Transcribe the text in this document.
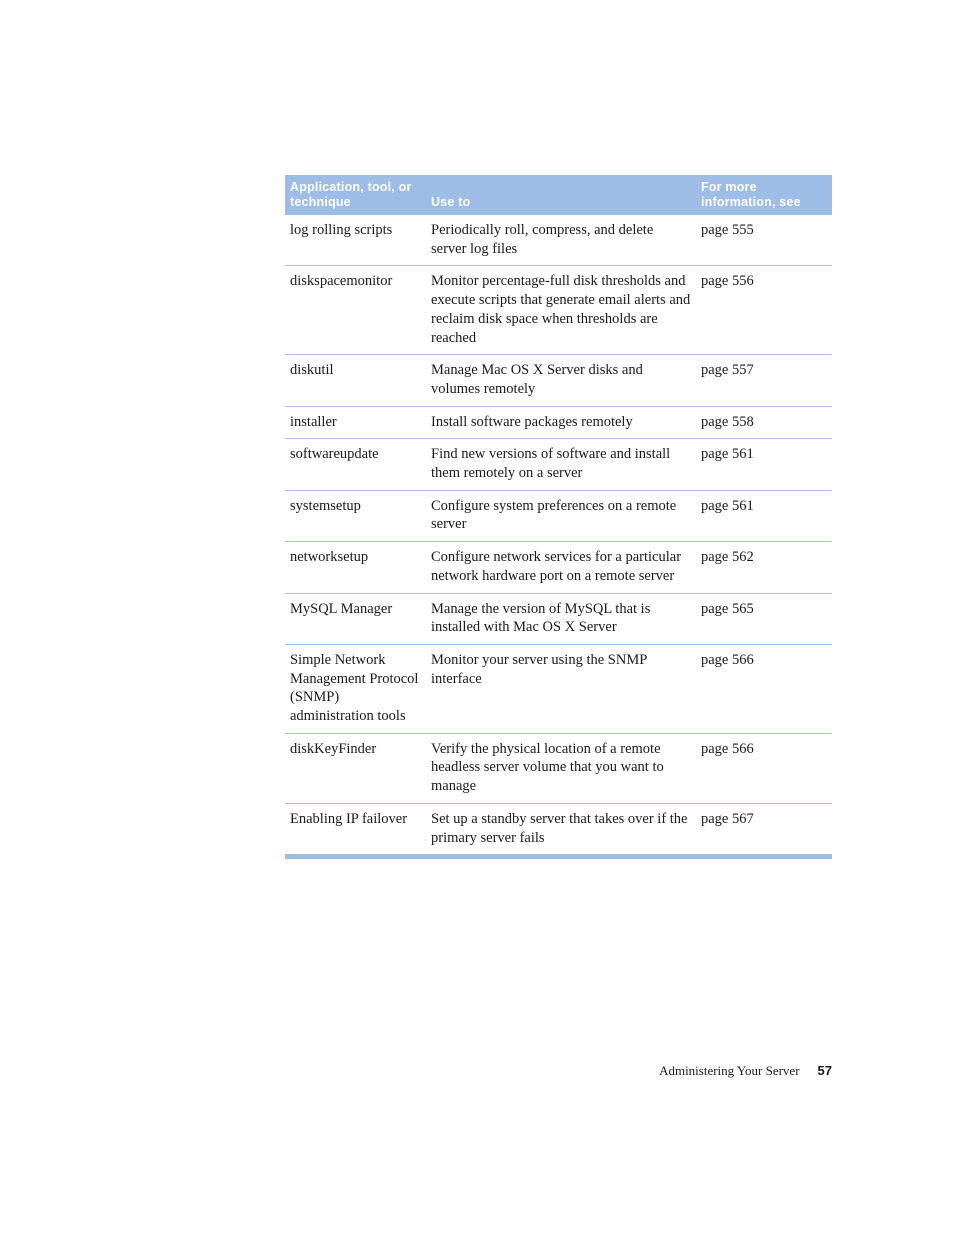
Application, tool, or technique	Use to	For more information, see
log rolling scripts	Periodically roll, compress, and delete server log files	page 555
diskspacemonitor	Monitor percentage-full disk thresholds and execute scripts that generate email alerts and reclaim disk space when thresholds are reached	page 556
diskutil	Manage Mac OS X Server disks and volumes remotely	page 557
installer	Install software packages remotely	page 558
softwareupdate	Find new versions of software and install them remotely on a server	page 561
systemsetup	Configure system preferences on a remote server	page 561
networksetup	Configure network services for a particular network hardware port on a remote server	page 562
MySQL Manager	Manage the version of MySQL that is installed with Mac OS X Server	page 565
Simple Network Management Protocol (SNMP) administration tools	Monitor your server using the SNMP interface	page 566
diskKeyFinder	Verify the physical location of a remote headless server volume that you want to manage	page 566
Enabling IP failover	Set up a standby server that takes over if the primary server fails	page 567
Administering Your Server 57
